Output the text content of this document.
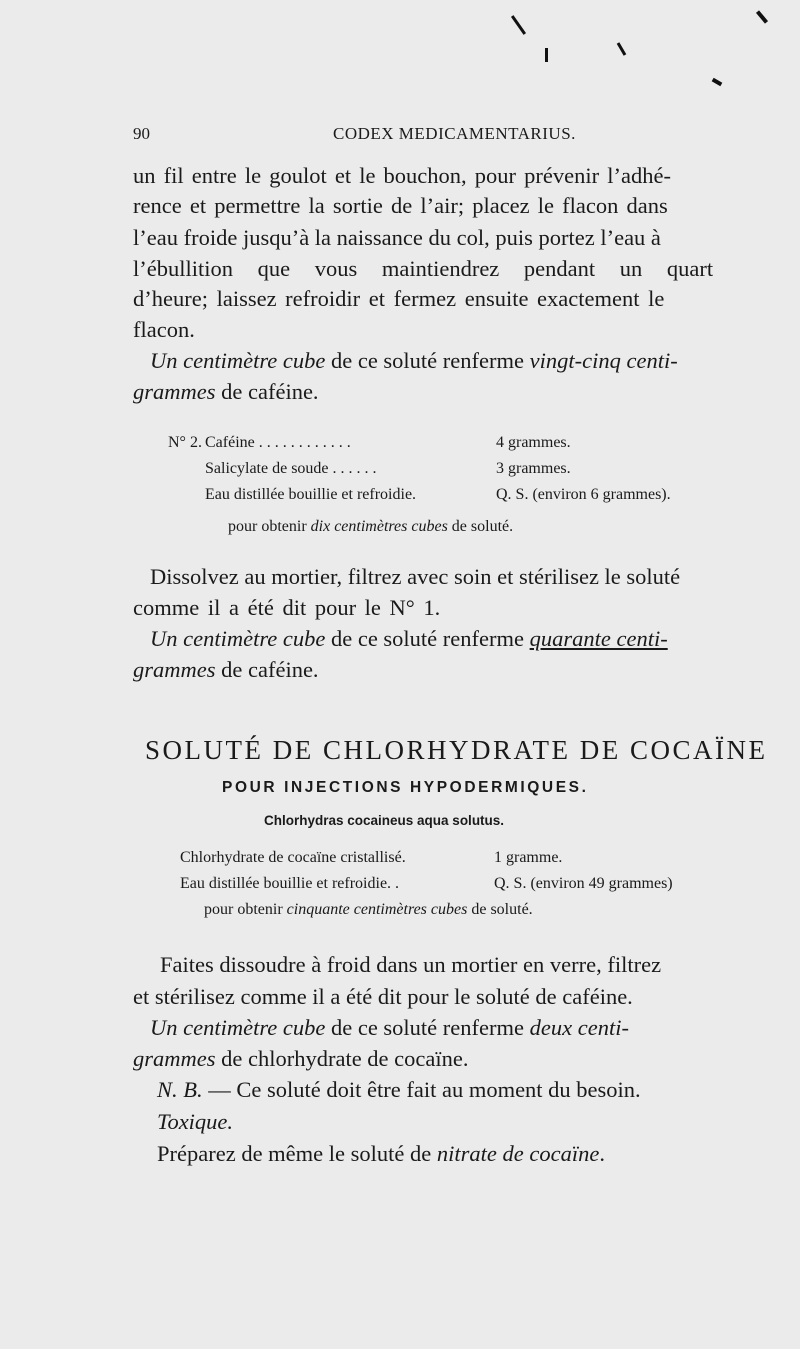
90	CODEX MEDICAMENTARIUS.
un fil entre le goulot et le bouchon, pour prévenir l’adhé-
rence et permettre la sortie de l’air; placez le flacon dans
l’eau froide jusqu’à la naissance du col, puis portez l’eau à
l’ébullition que vous maintiendrez pendant un quart
d’heure; laissez refroidir et fermez ensuite exactement le
flacon.
Un centimètre cube de ce soluté renferme vingt-cinq centi-
grammes de caféine.
N° 2. Caféine . . . . . . . . . . . .	4 grammes.
Salicylate de soude . . . . . .	3 grammes.
Eau distillée bouillie et refroidie.	Q. S. (environ 6 grammes).
pour obtenir dix centimètres cubes de soluté.
Dissolvez au mortier, filtrez avec soin et stérilisez le soluté
comme il a été dit pour le N° 1.
Un centimètre cube de ce soluté renferme quarante centi-
grammes de caféine.
SOLUTÉ DE CHLORHYDRATE DE COCAÏNE
POUR INJECTIONS HYPODERMIQUES.
Chlorhydras cocaineus aqua solutus.
Chlorhydrate de cocaïne cristallisé.	1 gramme.
Eau distillée bouillie et refroidie. .	Q. S. (environ 49 grammes)
pour obtenir cinquante centimètres cubes de soluté.
Faites dissoudre à froid dans un mortier en verre, filtrez
et stérilisez comme il a été dit pour le soluté de caféine.
Un centimètre cube de ce soluté renferme deux centi-
grammes de chlorhydrate de cocaïne.
N. B. — Ce soluté doit être fait au moment du besoin.
Toxique.
Préparez de même le soluté de nitrate de cocaïne.
